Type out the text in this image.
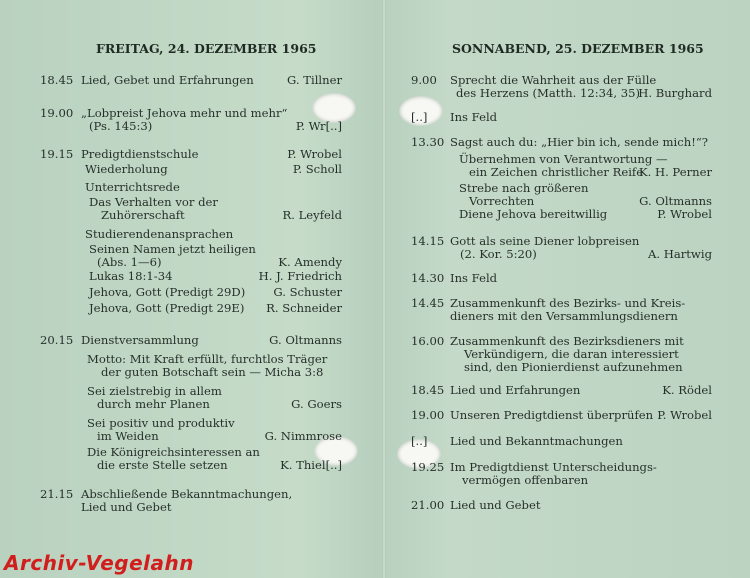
FREITAG, 24. DEZEMBER 1965	SONNABEND, 25. DEZEMBER 1965
18.45 Lied, Gebet und Erfahrungen	G. Tillner
19.00 „Lobpreist Jehova mehr und mehr“
(Ps. 145:3)	P. Wr[..]
19.15 Predigtdienstschule	P. Wrobel
Wiederholung	P. Scholl
Unterrichtsrede
Das Verhalten vor der
Zuhörerschaft	R. Leyfeld
Studierendenansprachen
Seinen Namen jetzt heiligen
(Abs. 1—6)	K. Amendy
Lukas 18:1-34	H. J. Friedrich
Jehova, Gott (Predigt 29D) G. Schuster
Jehova, Gott (Predigt 29E) R. Schneider
20.15 Dienstversammlung	G. Oltmanns
Motto: Mit Kraft erfüllt, furchtlos Träger
der guten Botschaft sein — Micha 3:8
Sei zielstrebig in allem
durch mehr Planen	G. Goers
Sei positiv und produktiv
im Weiden	G. Nimmrose
Die Königreichsinteressen an
die erste Stelle setzen	K. Thiel[..]
21.15 Abschließende Bekanntmachungen,
Lied und Gebet
9.00 Sprecht die Wahrheit aus der Fülle
des Herzens (Matth. 12:34, 35)
H. Burghard
[..] Ins Feld
13.30 Sagst auch du: „Hier bin ich, sende mich!“?
Übernehmen von Verantwortung —
ein Zeichen christlicher Reife
K. H. Perner
Strebe nach größeren
Vorrechten	G. Oltmanns
Diene Jehova bereitwillig	P. Wrobel
14.15 Gott als seine Diener lobpreisen
(2. Kor. 5:20)	A. Hartwig
14.30 Ins Feld
14.45 Zusammenkunft des Bezirks- und Kreis-
dieners mit den Versammlungsdienern
16.00 Zusammenkunft des Bezirksdieners mit
Verkündigern, die daran interessiert
sind, den Pionierdienst aufzunehmen
18.45 Lied und Erfahrungen	K. Rödel
19.00 Unseren Predigtdienst überprüfen P. Wrobel
[..] Lied und Bekanntmachungen
19.25 Im Predigtdienst Unterscheidungs-
vermögen offenbaren
21.00 Lied und Gebet
Archiv-Vegelahn
